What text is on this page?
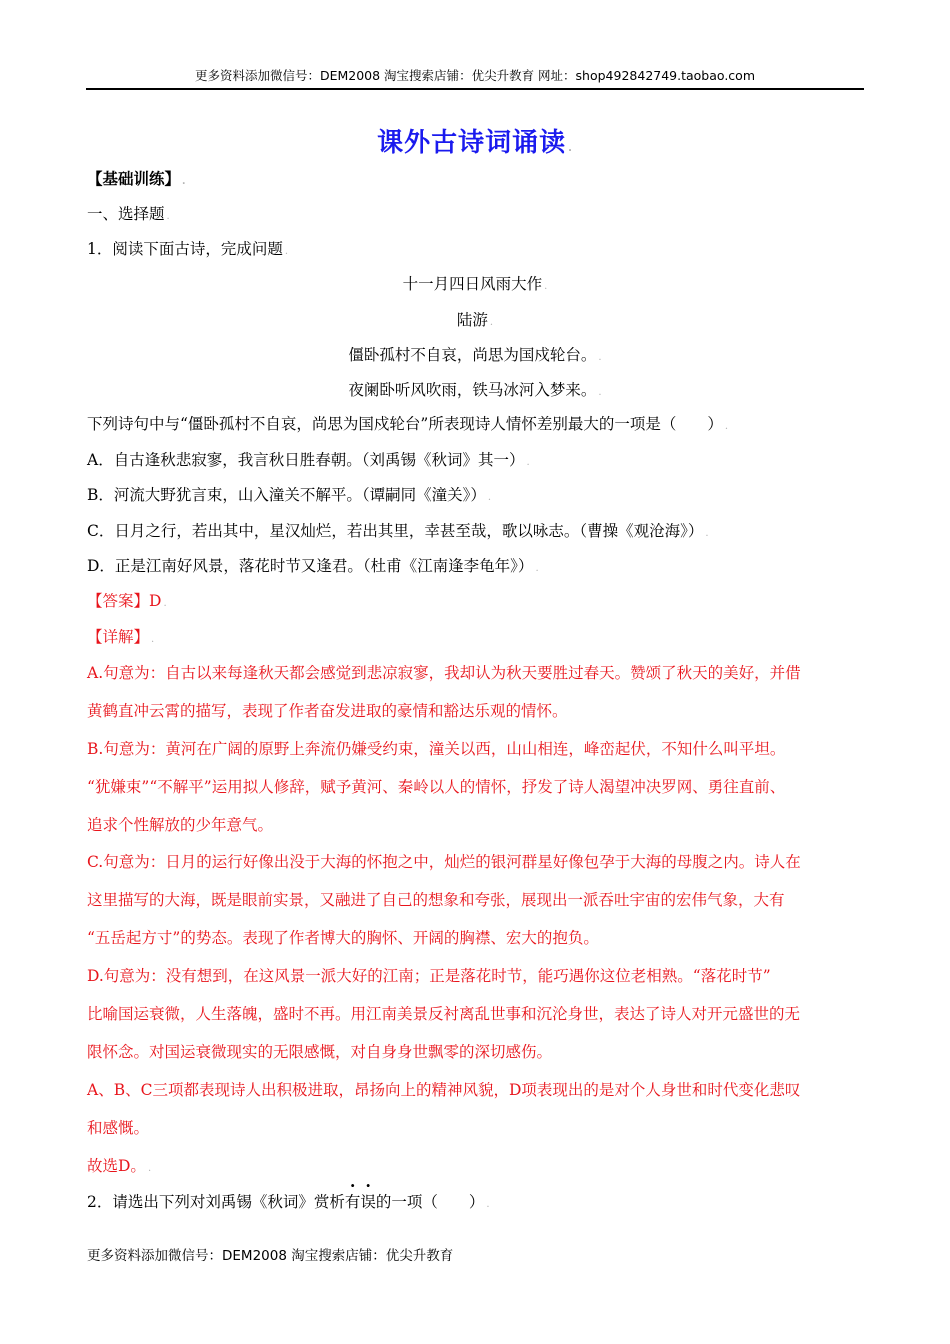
更多资料添加微信号：DEM2008 淘宝搜索店铺：优尖升教育 网址：shop492842749.taobao.com
课外古诗词诵读 .
【基础训练】 .
一、选择题 .
1．阅读下面古诗，完成问题 .
十一月四日风雨大作 .
陆游 .
僵卧孤村不自哀，尚思为国戍轮台。 .
夜阑卧听风吹雨，铁马冰河入梦来。 .
下列诗句中与“僵卧孤村不自哀，尚思为国戍轮台”所表现诗人情怀差别最大的一项是（　　） .
A．自古逢秋悲寂寥，我言秋日胜春朝。（刘禹锡《秋词》其一） .
B．河流大野犹言束，山入潼关不解平。（谭嗣同《潼关》） .
C．日月之行，若出其中，星汉灿烂，若出其里，幸甚至哉，歌以咏志。（曹操《观沧海》） .
D．正是江南好风景，落花时节又逢君。（杜甫《江南逢李龟年》） .
【答案】D .
【详解】 .
A.句意为：自古以来每逢秋天都会感觉到悲凉寂寥，我却认为秋天要胜过春天。赞颂了秋天的美好，并借
黄鹤直冲云霄的描写，表现了作者奋发进取的豪情和豁达乐观的情怀。
B.句意为：黄河在广阔的原野上奔流仍嫌受约束，潼关以西，山山相连，峰峦起伏，不知什么叫平坦。
“犹嫌束”“不解平”运用拟人修辞，赋予黄河、秦岭以人的情怀，抒发了诗人渴望冲决罗网、勇往直前、
追求个性解放的少年意气。
C.句意为：日月的运行好像出没于大海的怀抱之中，灿烂的银河群星好像包孕于大海的母腹之内。诗人在
这里描写的大海，既是眼前实景，又融进了自己的想象和夸张，展现出一派吞吐宇宙的宏伟气象，大有
“五岳起方寸”的势态。表现了作者博大的胸怀、开阔的胸襟、宏大的抱负。
D.句意为：没有想到，在这风景一派大好的江南；正是落花时节，能巧遇你这位老相熟。“落花时节”
比喻国运衰微，人生落魄，盛时不再。用江南美景反衬离乱世事和沉沦身世，表达了诗人对开元盛世的无
限怀念。对国运衰微现实的无限感慨，对自身身世飘零的深切感伤。
A、B、C三项都表现诗人出积极进取，昂扬向上的精神风貌，D项表现出的是对个人身世和时代变化悲叹
和感慨。
故选D。 .
2．请选出下列对刘禹锡《秋词》赏析有误的一项（　　） .
更多资料添加微信号：DEM2008 淘宝搜索店铺：优尖升教育
